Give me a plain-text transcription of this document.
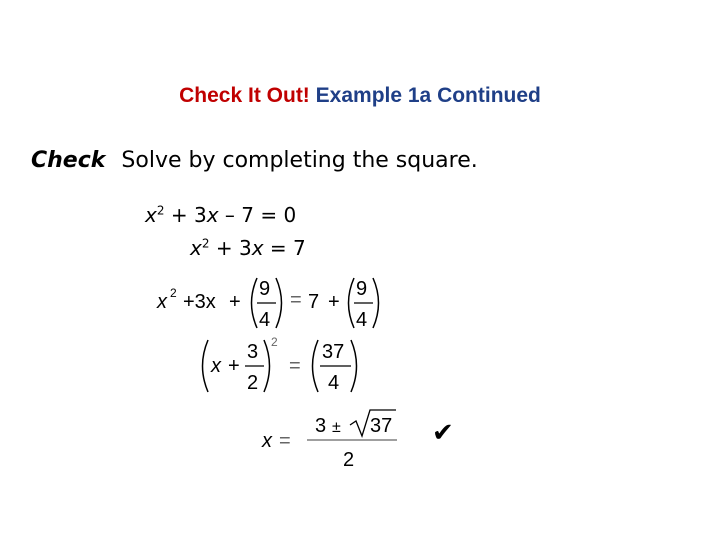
Check It Out! Example 1a Continued
Check Solve by completing the square.
$x^2 + 3x - 7 = 0$
$x^2 + 3x = 7$
x 2 +3x +
9
4
= 7 +
9
4
x +
3
2
2
=
37
4
x =
3 ± 37
2
✔
